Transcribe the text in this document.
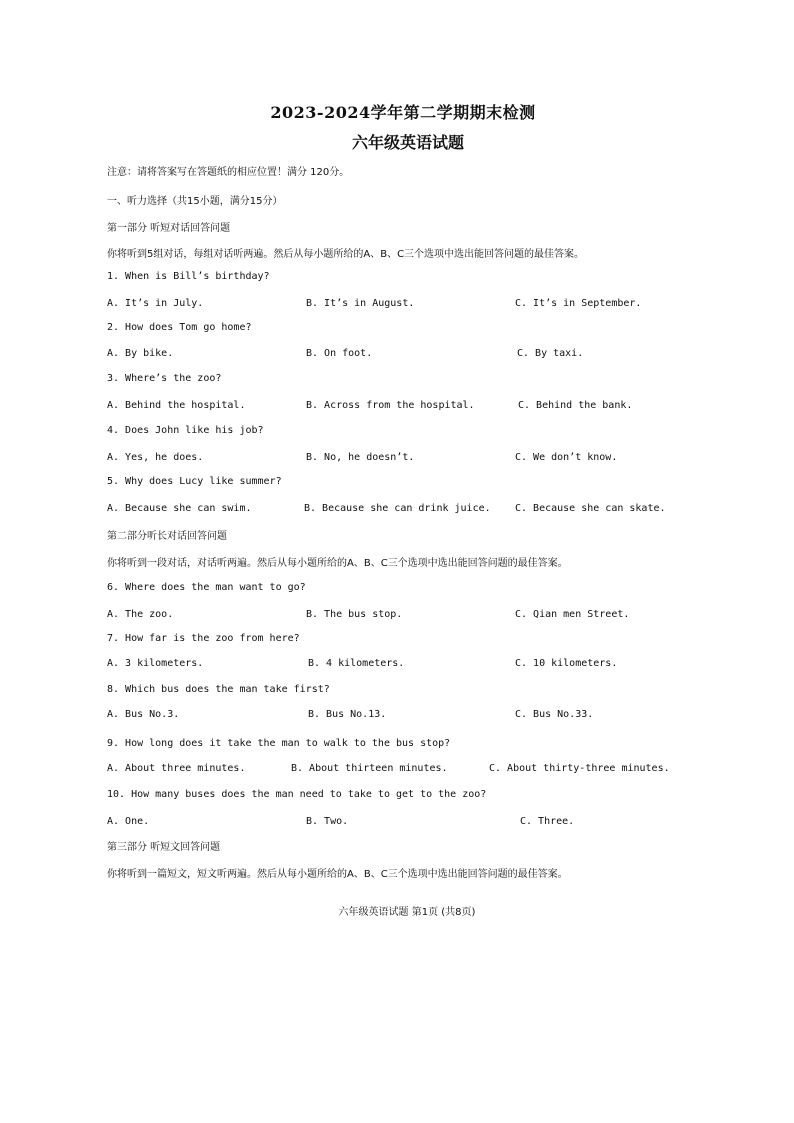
2023-2024学年第二学期期末检测
六年级英语试题
注意：请将答案写在答题纸的相应位置！满分 120分。
一、听力选择（共15小题，满分15分）
第一部分 听短对话回答问题
你将听到5组对话，每组对话听两遍。然后从每小题所给的A、B、C三个选项中选出能回答问题的最佳答案。
1. When is Bill’s birthday?
A. It’s in July.	B. It’s in August.	C. It’s in September.
2. How does Tom go home?
A. By bike.	B. On foot.	C. By taxi.
3. Where’s the zoo?
A. Behind the hospital.	B. Across from the hospital.	C. Behind the bank.
4. Does John like his job?
A. Yes, he does.	B. No, he doesn’t.	C. We don’t know.
5. Why does Lucy like summer?
A. Because she can swim.	B. Because she can drink juice. C. Because she can skate.
第二部分听长对话回答问题
你将听到一段对话，对话听两遍。然后从每小题所给的A、B、C三个选项中选出能回答问题的最佳答案。
6. Where does the man want to go?
A. The zoo.	B. The bus stop.	C. Qian men Street.
7. How far is the zoo from here?
A. 3 kilometers.	B. 4 kilometers.	C. 10 kilometers.
8. Which bus does the man take first?
A. Bus No.3.	B. Bus No.13.	C. Bus No.33.
9. How long does it take the man to walk to the bus stop?
A. About three minutes.	B. About thirteen minutes.	C. About thirty-three minutes.
10. How many buses does the man need to take to get to the zoo?
A. One.	B. Two.	C. Three.
第三部分 听短文回答问题
你将听到一篇短文，短文听两遍。然后从每小题所给的A、B、C三个选项中选出能回答问题的最佳答案。
六年级英语试题 第1页 (共8页)
